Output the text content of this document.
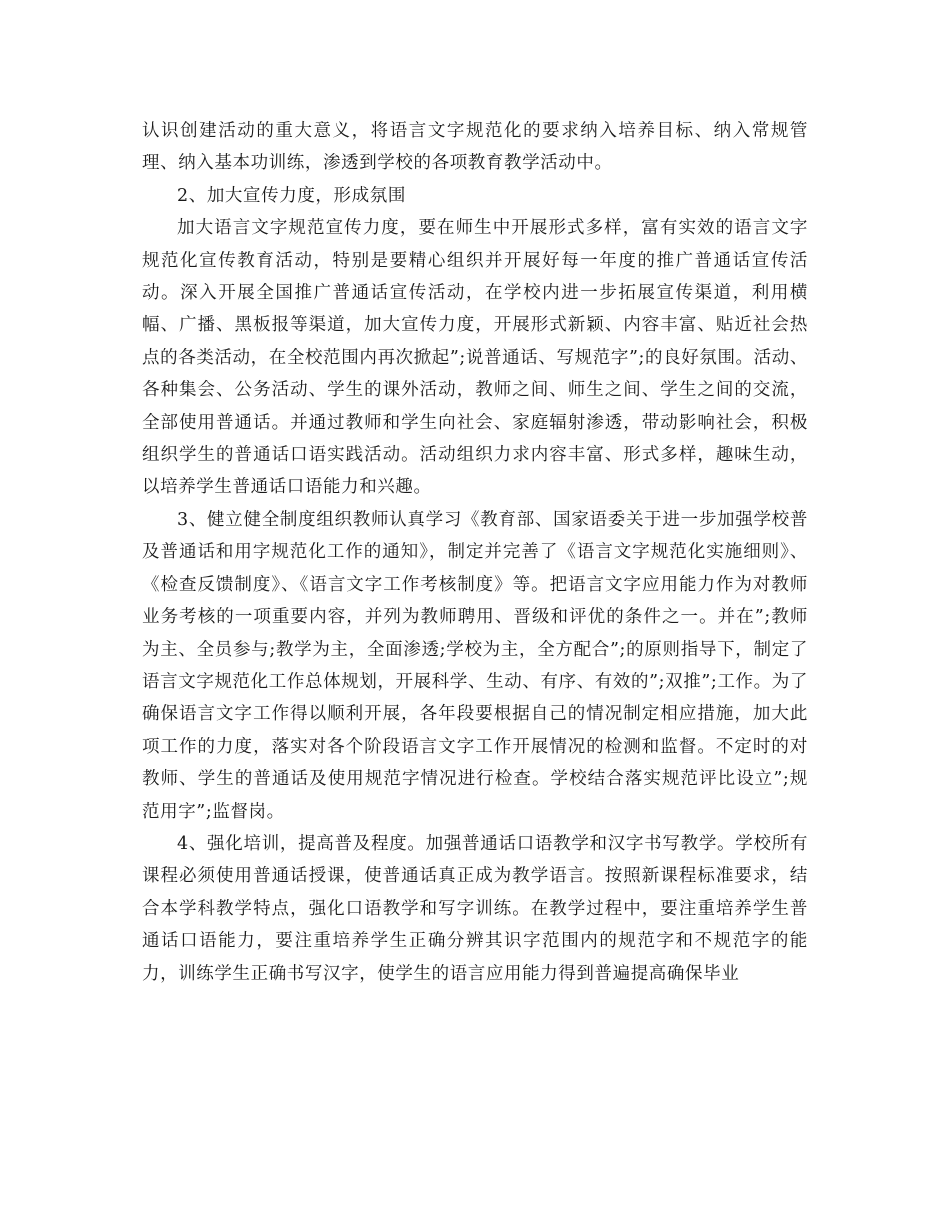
认识创建活动的重大意义，将语言文字规范化的要求纳入培养目标、纳入常规管理、纳入基本功训练，渗透到学校的各项教育教学活动中。

2、加大宣传力度，形成氛围

加大语言文字规范宣传力度，要在师生中开展形式多样，富有实效的语言文字规范化宣传教育活动，特别是要精心组织并开展好每一年度的推广普通话宣传活动。深入开展全国推广普通话宣传活动，在学校内进一步拓展宣传渠道，利用横幅、广播、黑板报等渠道，加大宣传力度，开展形式新颖、内容丰富、贴近社会热点的各类活动，在全校范围内再次掀起”;说普通话、写规范字”;的良好氛围。活动、各种集会、公务活动、学生的课外活动，教师之间、师生之间、学生之间的交流，全部使用普通话。并通过教师和学生向社会、家庭辐射渗透，带动影响社会，积极组织学生的普通话口语实践活动。活动组织力求内容丰富、形式多样，趣味生动，以培养学生普通话口语能力和兴趣。

3、健立健全制度组织教师认真学习《教育部、国家语委关于进一步加强学校普及普通话和用字规范化工作的通知》，制定并完善了《语言文字规范化实施细则》、《检查反馈制度》、《语言文字工作考核制度》等。把语言文字应用能力作为对教师业务考核的一项重要内容，并列为教师聘用、晋级和评优的条件之一。并在”;教师为主、全员参与;教学为主，全面渗透;学校为主，全方配合”;的原则指导下，制定了语言文字规范化工作总体规划，开展科学、生动、有序、有效的”;双推”;工作。为了确保语言文字工作得以顺利开展，各年段要根据自己的情况制定相应措施，加大此项工作的力度，落实对各个阶段语言文字工作开展情况的检测和监督。不定时的对教师、学生的普通话及使用规范字情况进行检查。学校结合落实规范评比设立”;规范用字”;监督岗。

4、强化培训，提高普及程度。加强普通话口语教学和汉字书写教学。学校所有课程必须使用普通话授课，使普通话真正成为教学语言。按照新课程标准要求，结合本学科教学特点，强化口语教学和写字训练。在教学过程中，要注重培养学生普通话口语能力，要注重培养学生正确分辨其识字范围内的规范字和不规范字的能力，训练学生正确书写汉字，使学生的语言应用能力得到普遍提高确保毕业
